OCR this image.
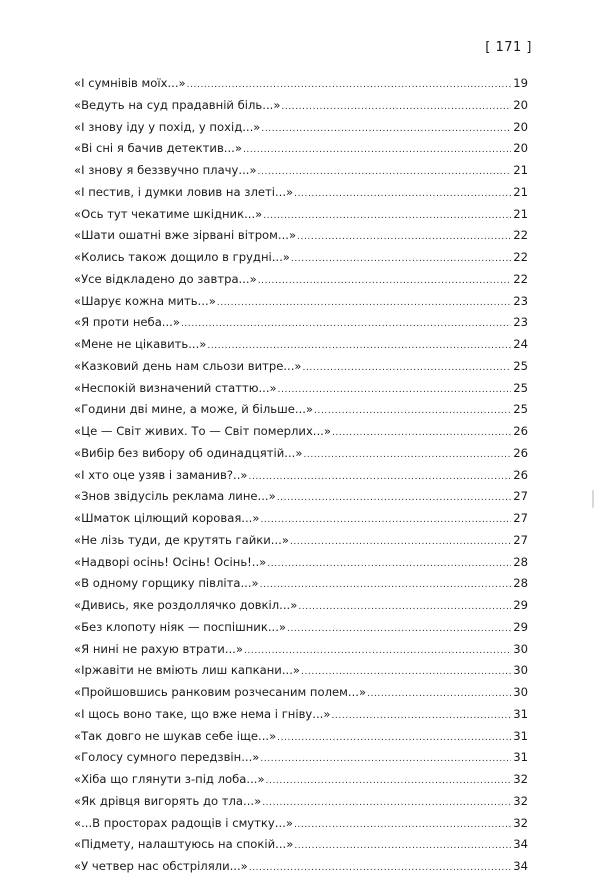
[ 171 ]
«І сумнівів моїх...» .....	19
«Ведуть на суд прадавній біль...» .....	20
«І знову іду у похід, у похід...» .....	20
«Ві сні я бачив детектив...» .....	20
«І знову я беззвучно плачу...» .....	21
«І пестив, і думки ловив на злеті...» .....	21
«Ось тут чекатиме шкідник...» .....	21
«Шати ошатні вже зірвані вітром...» .....	22
«Колись також дощило в грудні...» .....	22
«Усе відкладено до завтра...» .....	22
«Шарує кожна мить...» .....	23
«Я проти неба...» .....	23
«Мене не цікавить...» .....	24
«Казковий день нам сльози витре...» .....	25
«Неспокій визначений статтю...» .....	25
«Години дві мине, а може, й більше...» .....	25
«Це — Світ живих. То — Світ померлих...» .....	26
«Вибір без вибору об одинадцятій...» .....	26
«І хто оце узяв і заманив?..» .....	26
«Знов звідусіль реклама лине...» .....	27
«Шматок цілющий коровая...» .....	27
«Не лізь туди, де крутять гайки...» .....	27
«Надворі осінь! Осінь! Осінь!..» .....	28
«В одному горщику півліта...» .....	28
«Дивись, яке роздоллячко довкіл...» .....	29
«Без клопоту ніяк — поспішник...» .....	29
«Я нині не рахую втрати...» .....	30
«Іржавіти не вміють лиш капкани...» .....	30
«Пройшовшись ранковим розчесаним полем...» .....	30
«І щось воно таке, що вже нема і гніву...» .....	31
«Так довго не шукав себе іще...» .....	31
«Голосу сумного передзвін...» .....	31
«Хіба що глянути з-під лоба...» .....	32
«Як дрівця вигорять до тла...» .....	32
«...В просторах радощів і смутку...» .....	32
«Підмету, налаштуюсь на спокій...» .....	34
«У четвер нас обстріляли...» .....	34
